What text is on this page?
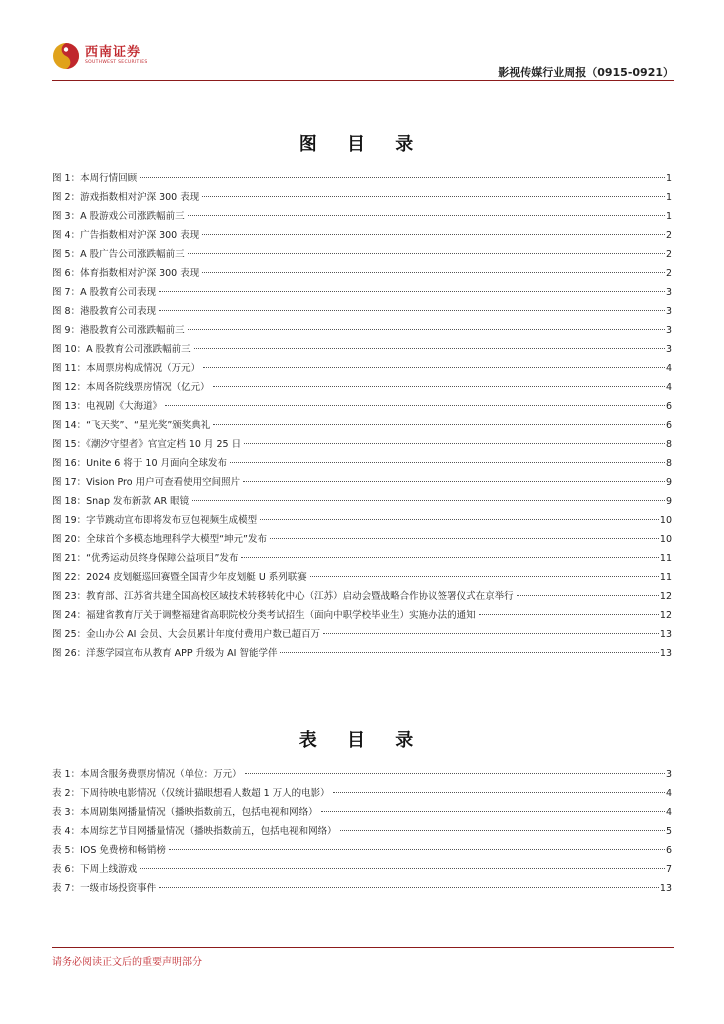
西南证券
SOUTHWEST SECURITIES
影视传媒行业周报（0915-0921）
图 目 录
图 1：本周行情回顾	1
图 2：游戏指数相对沪深 300 表现	1
图 3：A 股游戏公司涨跌幅前三	1
图 4：广告指数相对沪深 300 表现	2
图 5：A 股广告公司涨跌幅前三	2
图 6：体育指数相对沪深 300 表现	2
图 7：A 股教育公司表现	3
图 8：港股教育公司表现	3
图 9：港股教育公司涨跌幅前三	3
图 10：A 股教育公司涨跌幅前三	3
图 11：本周票房构成情况（万元）	4
图 12：本周各院线票房情况（亿元）	4
图 13：电视剧《大海道》	6
图 14：“飞天奖”、“星光奖”颁奖典礼	6
图 15：《潮汐守望者》官宣定档 10 月 25 日	8
图 16：Unite 6 将于 10 月面向全球发布	8
图 17：Vision Pro 用户可查看使用空间照片	9
图 18：Snap 发布新款 AR 眼镜	9
图 19：字节跳动宣布即将发布豆包视频生成模型	10
图 20：全球首个多模态地理科学大模型“坤元”发布	10
图 21：“优秀运动员终身保障公益项目”发布	11
图 22：2024 皮划艇巡回赛暨全国青少年皮划艇 U 系列联赛	11
图 23：教育部、江苏省共建全国高校区域技术转移转化中心（江苏）启动会暨战略合作协议签署仪式在京举行	12
图 24：福建省教育厅关于调整福建省高职院校分类考试招生（面向中职学校毕业生）实施办法的通知	12
图 25：金山办公 AI 会员、大会员累计年度付费用户数已超百万	13
图 26：洋葱学园宣布从教育 APP 升级为 AI 智能学伴	13
表 目 录
表 1：本周含服务费票房情况（单位：万元）	3
表 2：下周待映电影情况（仅统计猫眼想看人数超 1 万人的电影）	4
表 3：本周剧集网播量情况（播映指数前五，包括电视和网络）	4
表 4：本周综艺节目网播量情况（播映指数前五，包括电视和网络）	5
表 5：IOS 免费榜和畅销榜	6
表 6：下周上线游戏	7
表 7：一级市场投资事件	13
请务必阅读正文后的重要声明部分
